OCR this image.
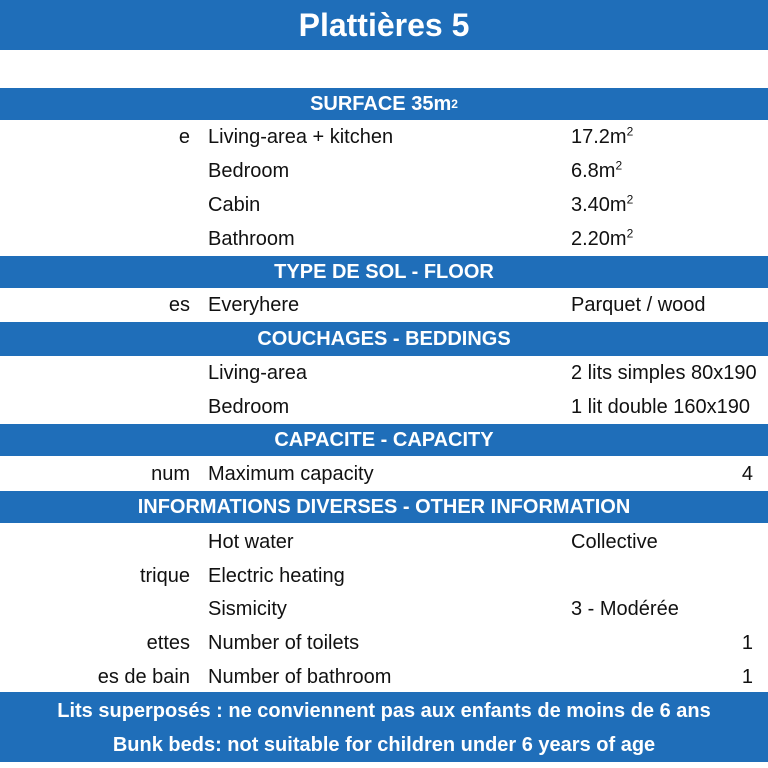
Plattières 5
SURFACE 35m 2
e Living-area + kitchen	$17.2m^2$
Bedroom	$6.8m^2$
Cabin	$3.40m^2$
Bathroom	$2.20m^2$
TYPE DE SOL - FLOOR
es Everyhere	Parquet / wood
COUCHAGES - BEDDINGS
Living-area	2 lits simples 80x190
Bedroom	1 lit double 160x190
CAPACITE - CAPACITY
num Maximum capacity	4
INFORMATIONS DIVERSES - OTHER INFORMATION
Hot water	Collective
trique Electric heating
Sismicity	3 - Modérée
ettes Number of toilets	1
es de bain Number of bathroom	1
Lits superposés : ne conviennent pas aux enfants de moins de 6 ans
Bunk beds: not suitable for children under 6 years of age
